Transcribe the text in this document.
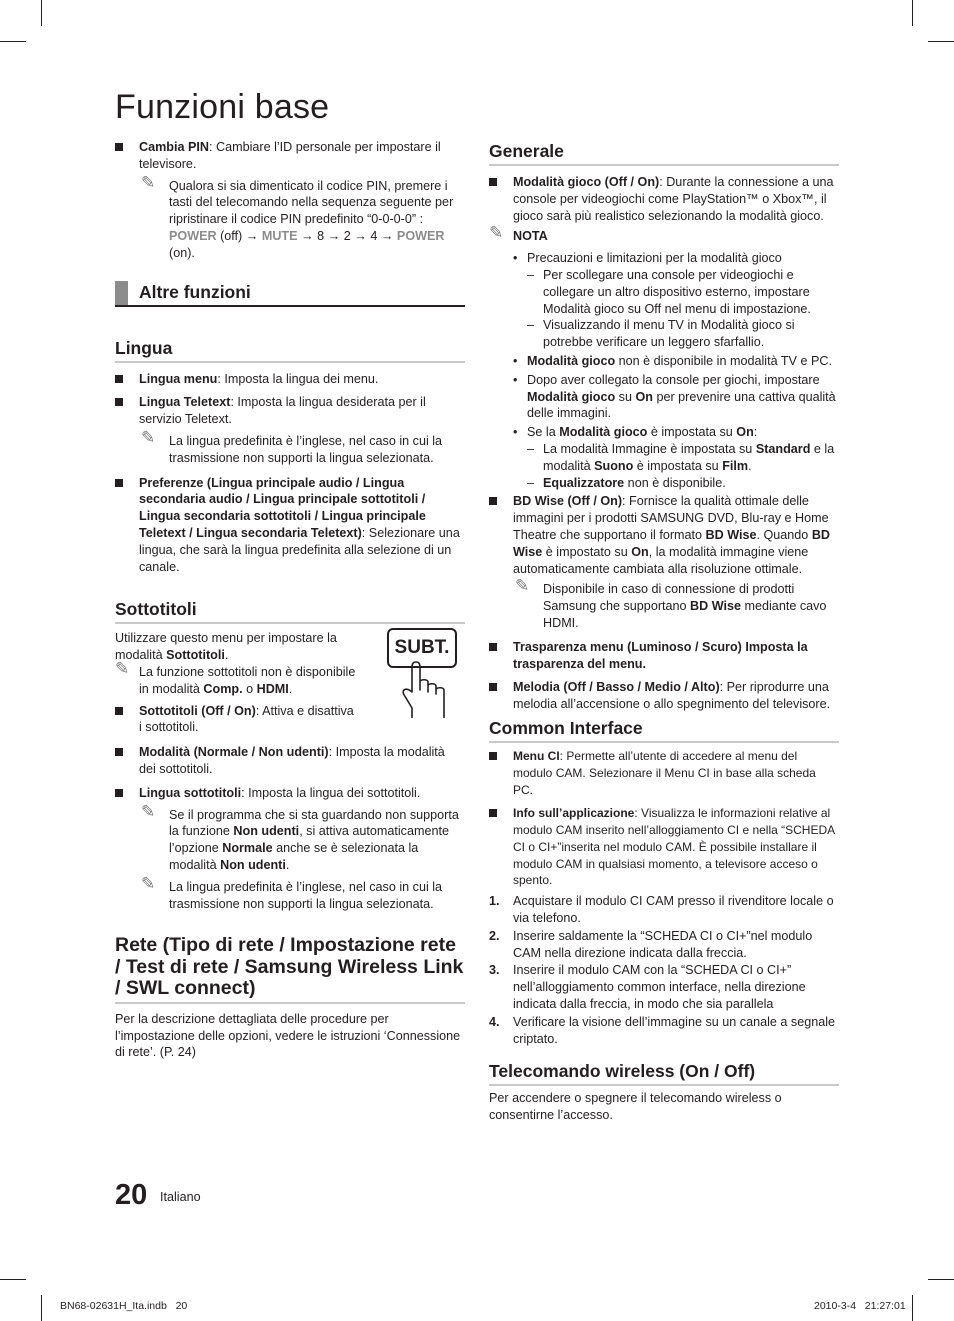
Funzioni base

Cambia PIN: Cambiare l’ID personale per impostare il televisore.

✎ Qualora si sia dimenticato il codice PIN, premere i tasti del telecomando nella sequenza seguente per ripristinare il codice PIN predefinito “0-0-0-0” : POWER (off) → MUTE → 8 → 2 → 4 → POWER (on).

Altre funzioni
Lingua

Lingua menu: Imposta la lingua dei menu.

Lingua Teletext: Imposta la lingua desiderata per il servizio Teletext.

✎ La lingua predefinita è l’inglese, nel caso in cui la trasmissione non supporti la lingua selezionata.

Preferenze (Lingua principale audio / Lingua secondaria audio / Lingua principale sottotitoli / Lingua secondaria sottotitoli / Lingua principale Teletext / Lingua secondaria Teletext): Selezionare una lingua, che sarà la lingua predefinita alla selezione di un canale.

Sottotitoli

Utilizzare questo menu per impostare la modalità Sottotitoli.

✎ La funzione sottotitoli non è disponibile in modalità Comp. o HDMI.

SUBT.

Sottotitoli (Off / On): Attiva e disattiva i sottotitoli.

Modalità (Normale / Non udenti): Imposta la modalità dei sottotitoli.

Lingua sottotitoli: Imposta la lingua dei sottotitoli.

✎ Se il programma che si sta guardando non supporta la funzione Non udenti, si attiva automaticamente l’opzione Normale anche se è selezionata la modalità Non udenti.

✎ La lingua predefinita è l’inglese, nel caso in cui la trasmissione non supporti la lingua selezionata.

Rete (Tipo di rete / Impostazione rete / Test di rete / Samsung Wireless Link / SWL connect)

Per la descrizione dettagliata delle procedure per l’impostazione delle opzioni, vedere le istruzioni ‘Connessione di rete’. (P. 24)

Generale

Modalità gioco (Off / On): Durante la connessione a una console per videogiochi come PlayStation™ o Xbox™, il gioco sarà più realistico selezionando la modalità gioco.

✎ NOTA

• Precauzioni e limitazioni per la modalità gioco

– Per scollegare una console per videogiochi e collegare un altro dispositivo esterno, impostare Modalità gioco su Off nel menu di impostazione.

– Visualizzando il menu TV in Modalità gioco si potrebbe verificare un leggero sfarfallio.

• Modalità gioco non è disponibile in modalità TV e PC.

• Dopo aver collegato la console per giochi, impostare Modalità gioco su On per prevenire una cattiva qualità delle immagini.

• Se la Modalità gioco è impostata su On:

– La modalità Immagine è impostata su Standard e la modalità Suono è impostata su Film.

– Equalizzatore non è disponibile.

BD Wise (Off / On): Fornisce la qualità ottimale delle immagini per i prodotti SAMSUNG DVD, Blu-ray e Home Theatre che supportano il formato BD Wise. Quando BD Wise è impostato su On, la modalità immagine viene automaticamente cambiata alla risoluzione ottimale.

✎ Disponibile in caso di connessione di prodotti Samsung che supportano BD Wise mediante cavo HDMI.

Trasparenza menu (Luminoso / Scuro) Imposta la trasparenza del menu.

Melodia (Off / Basso / Medio / Alto): Per riprodurre una melodia all’accensione o allo spegnimento del televisore.

Common Interface

Menu CI: Permette all’utente di accedere al menu del modulo CAM. Selezionare il Menu CI in base alla scheda PC.

Info sull’applicazione: Visualizza le informazioni relative al modulo CAM inserito nell’alloggiamento CI e nella “SCHEDA CI o CI+”inserita nel modulo CAM. È possibile installare il modulo CAM in qualsiasi momento, a televisore acceso o spento.

1. Acquistare il modulo CI CAM presso il rivenditore locale o via telefono.

2. Inserire saldamente la “SCHEDA CI o CI+”nel modulo CAM nella direzione indicata dalla freccia.

3. Inserire il modulo CAM con la “SCHEDA CI o CI+” nell’alloggiamento common interface, nella direzione indicata dalla freccia, in modo che sia parallela

4. Verificare la visione dell’immagine su un canale a segnale criptato.

Telecomando wireless (On / Off)

Per accendere o spegnere il telecomando wireless o consentirne l’accesso.

20 Italiano
BN68-02631H_Ita.indb   20	2010-3-4   21:27:01
